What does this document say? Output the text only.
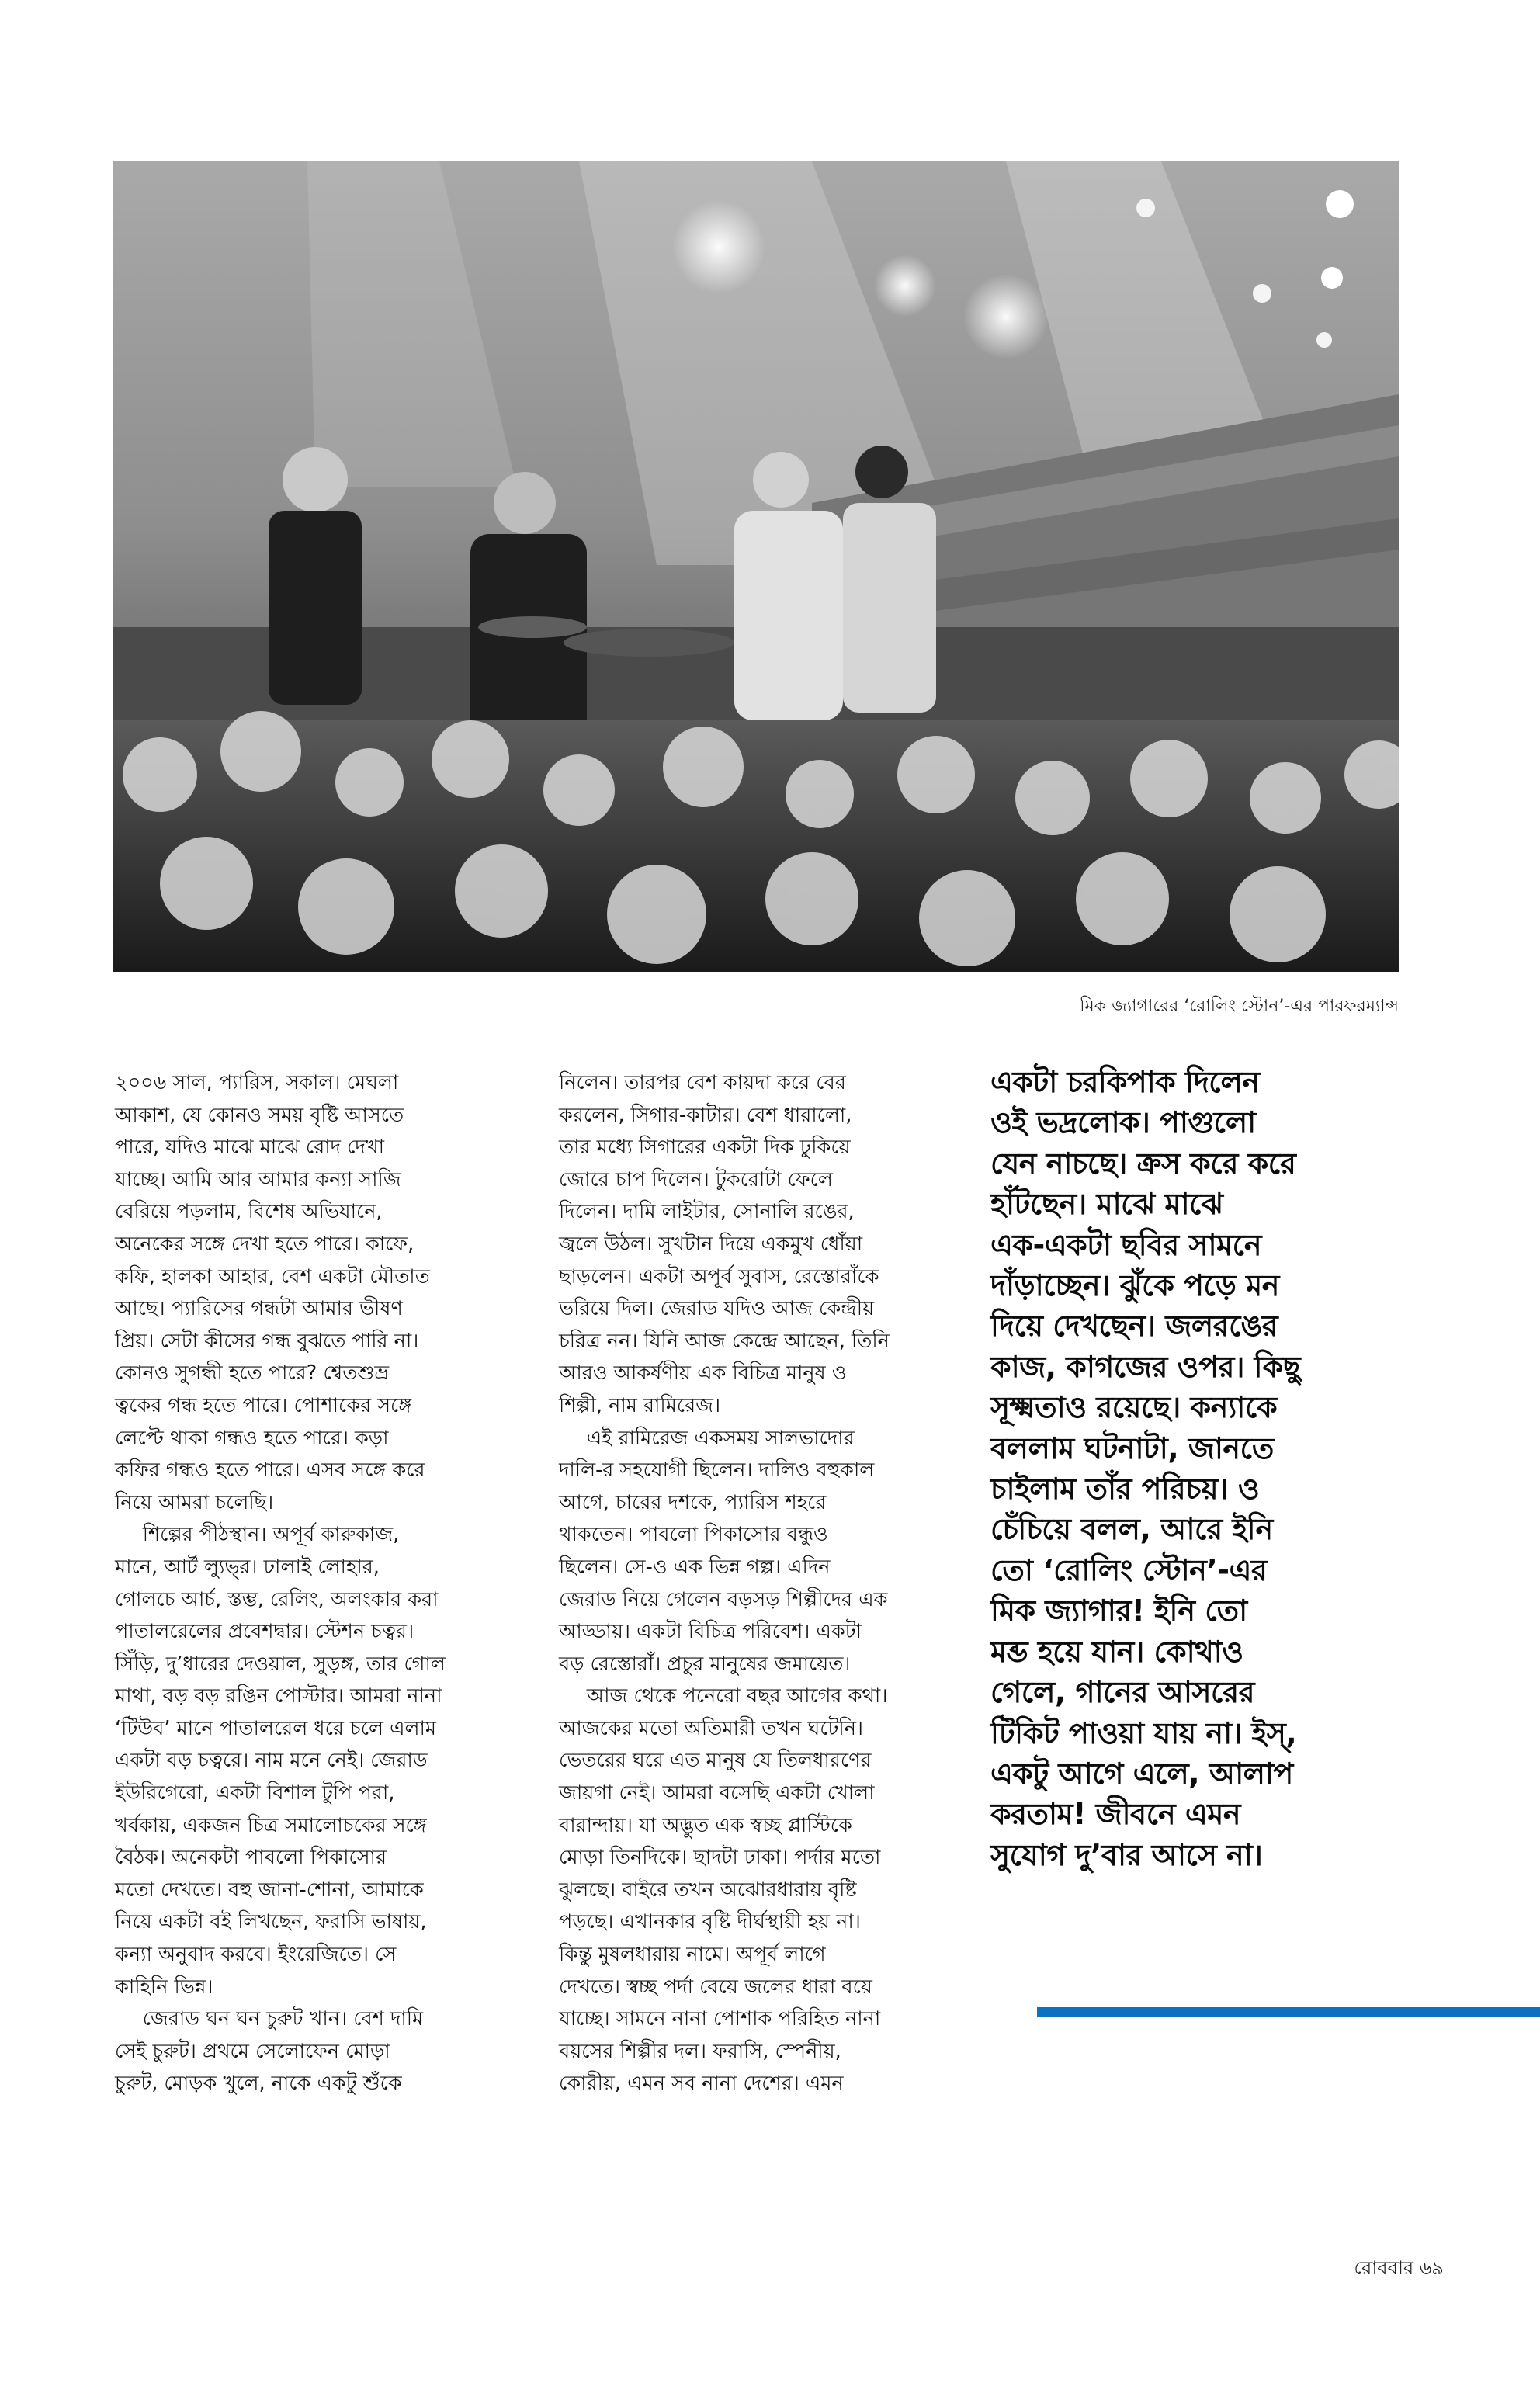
মিক জ্যাগারের ‘রোলিং স্টোন’-এর পারফরম্যান্স

২০০৬ সাল, প্যারিস, সকাল। মেঘলা
আকাশ, যে কোনও সময় বৃষ্টি আসতে
পারে, যদিও মাঝে মাঝে রোদ দেখা
যাচ্ছে। আমি আর আমার কন্যা সাজি
বেরিয়ে পড়লাম, বিশেষ অভিযানে,
অনেকের সঙ্গে দেখা হতে পারে। কাফে,
কফি, হালকা আহার, বেশ একটা মৌতাত
আছে। প্যারিসের গন্ধটা আমার ভীষণ
প্রিয়। সেটা কীসের গন্ধ বুঝতে পারি না।
কোনও সুগন্ধী হতে পারে? শ্বেতশুভ্র
ত্বকের গন্ধ হতে পারে। পোশাকের সঙ্গে
লেপ্টে থাকা গন্ধও হতে পারে। কড়া
কফির গন্ধও হতে পারে। এসব সঙ্গে করে
নিয়ে আমরা চলেছি।

শিল্পের পীঠস্থান। অপূর্ব কারুকাজ,
মানে, আর্ট ল্যুভ্‌র। ঢালাই লোহার,
গোলচে আর্চ, স্তম্ভ, রেলিং, অলংকার করা
পাতালরেলের প্রবেশদ্বার। স্টেশন চত্বর।
সিঁড়ি, দু’ধারের দেওয়াল, সুড়ঙ্গ, তার গোল
মাথা, বড় বড় রঙিন পোস্টার। আমরা নানা
‘টিউব’ মানে পাতালরেল ধরে চলে এলাম
একটা বড় চত্বরে। নাম মনে নেই। জেরাড
ইউরিগেরো, একটা বিশাল টুপি পরা,
খর্বকায়, একজন চিত্র সমালোচকের সঙ্গে
বৈঠক। অনেকটা পাবলো পিকাসোর
মতো দেখতে। বহু জানা-শোনা, আমাকে
নিয়ে একটা বই লিখছেন, ফরাসি ভাষায়,
কন্যা অনুবাদ করবে। ইংরেজিতে। সে
কাহিনি ভিন্ন।

জেরাড ঘন ঘন চুরুট খান। বেশ দামি
সেই চুরুট। প্রথমে সেলোফেন মোড়া
চুরুট, মোড়ক খুলে, নাকে একটু শুঁকে

নিলেন। তারপর বেশ কায়দা করে বের
করলেন, সিগার-কাটার। বেশ ধারালো,
তার মধ্যে সিগারের একটা দিক ঢুকিয়ে
জোরে চাপ দিলেন। টুকরোটা ফেলে
দিলেন। দামি লাইটার, সোনালি রঙের,
জ্বলে উঠল। সুখটান দিয়ে একমুখ ধোঁয়া
ছাড়লেন। একটা অপূর্ব সুবাস, রেস্তোরাঁকে
ভরিয়ে দিল। জেরাড যদিও আজ কেন্দ্রীয়
চরিত্র নন। যিনি আজ কেন্দ্রে আছেন, তিনি
আরও আকর্ষণীয় এক বিচিত্র মানুষ ও
শিল্পী, নাম রামিরেজ।

এই রামিরেজ একসময় সালভাদোর
দালি-র সহযোগী ছিলেন। দালিও বহুকাল
আগে, চারের দশকে, প্যারিস শহরে
থাকতেন। পাবলো পিকাসোর বন্ধুও
ছিলেন। সে-ও এক ভিন্ন গল্প। এদিন
জেরাড নিয়ে গেলেন বড়সড় শিল্পীদের এক
আড্ডায়। একটা বিচিত্র পরিবেশ। একটা
বড় রেস্তোরাঁ। প্রচুর মানুষের জমায়েত।

আজ থেকে পনেরো বছর আগের কথা।
আজকের মতো অতিমারী তখন ঘটেনি।
ভেতরের ঘরে এত মানুষ যে তিলধারণের
জায়গা নেই। আমরা বসেছি একটা খোলা
বারান্দায়। যা অদ্ভুত এক স্বচ্ছ প্লাস্টিকে
মোড়া তিনদিকে। ছাদটা ঢাকা। পর্দার মতো
ঝুলছে। বাইরে তখন অঝোরধারায় বৃষ্টি
পড়ছে। এখানকার বৃষ্টি দীর্ঘস্থায়ী হয় না।
কিন্তু মুষলধারায় নামে। অপূর্ব লাগে
দেখতে। স্বচ্ছ পর্দা বেয়ে জলের ধারা বয়ে
যাচ্ছে। সামনে নানা পোশাক পরিহিত নানা
বয়সের শিল্পীর দল। ফরাসি, স্পেনীয়,
কোরীয়, এমন সব নানা দেশের। এমন

একটা চরকিপাক দিলেন
ওই ভদ্রলোক। পাগুলো
যেন নাচছে। ক্রস করে করে
হাঁটছেন। মাঝে মাঝে
এক-একটা ছবির সামনে
দাঁড়াচ্ছেন। ঝুঁকে পড়ে মন
দিয়ে দেখছেন। জলরঙের
কাজ, কাগজের ওপর। কিছু
সূক্ষ্মতাও রয়েছে। কন্যাকে
বললাম ঘটনাটা, জানতে
চাইলাম তাঁর পরিচয়। ও
চেঁচিয়ে বলল, আরে ইনি
তো ‘রোলিং স্টোন’-এর
মিক জ্যাগার! ইনি তো
মব্ড হয়ে যান। কোথাও
গেলে, গানের আসরের
টিকিট পাওয়া যায় না। ইস্,
একটু আগে এলে, আলাপ
করতাম! জীবনে এমন
সুযোগ দু’বার আসে না।
রোববার ৬৯
